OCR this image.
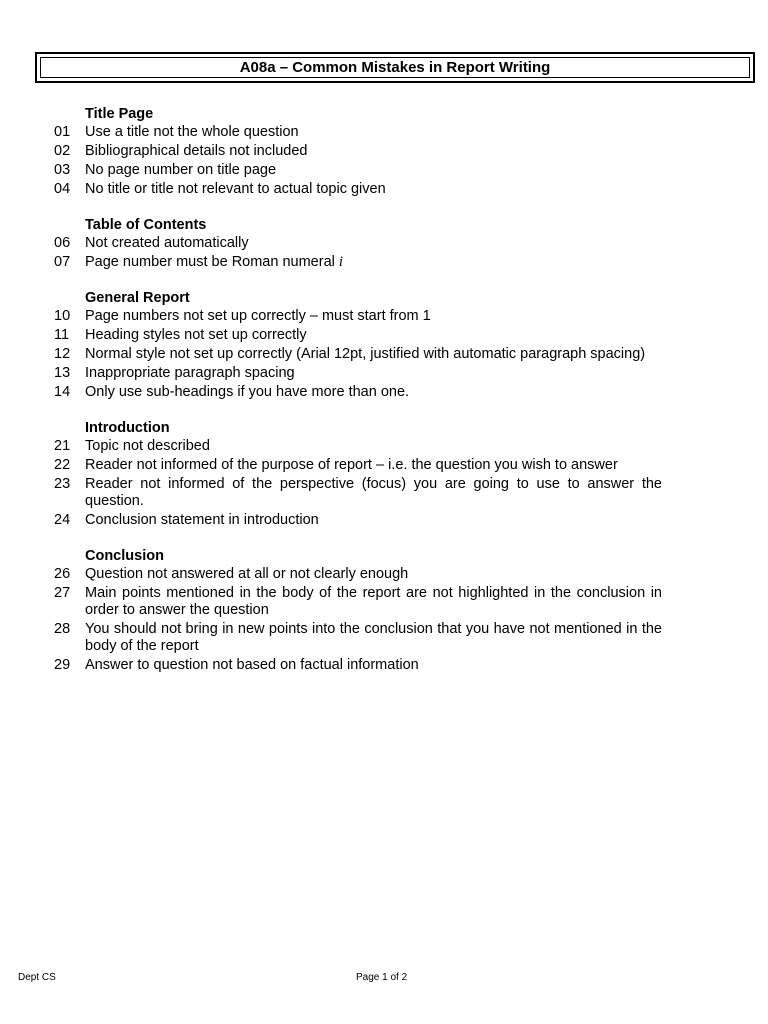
A08a – Common Mistakes in Report Writing
Title Page
01	Use a title not the whole question
02	Bibliographical details not included
03	No page number on title page
04	No title or title not relevant to actual topic given
Table of Contents
06	Not created automatically
07	Page number must be Roman numeral i
General Report
10	Page numbers not set up correctly – must start from 1
11	Heading styles not set up correctly
12	Normal style not set up correctly (Arial 12pt, justified with automatic paragraph spacing)
13	Inappropriate paragraph spacing
14	Only use sub-headings if you have more than one.
Introduction
21	Topic not described
22	Reader not informed of the purpose of report – i.e. the question you wish to answer
23	Reader not informed of the perspective (focus) you are going to use to answer the question.
24	Conclusion statement in introduction
Conclusion
26	Question not answered at all or not clearly enough
27	Main points mentioned in the body of the report are not highlighted in the conclusion in order to answer the question
28	You should not bring in new points into the conclusion that you have not mentioned in the body of the report
29	Answer to question not based on factual information
Dept CS	Page 1 of 2
